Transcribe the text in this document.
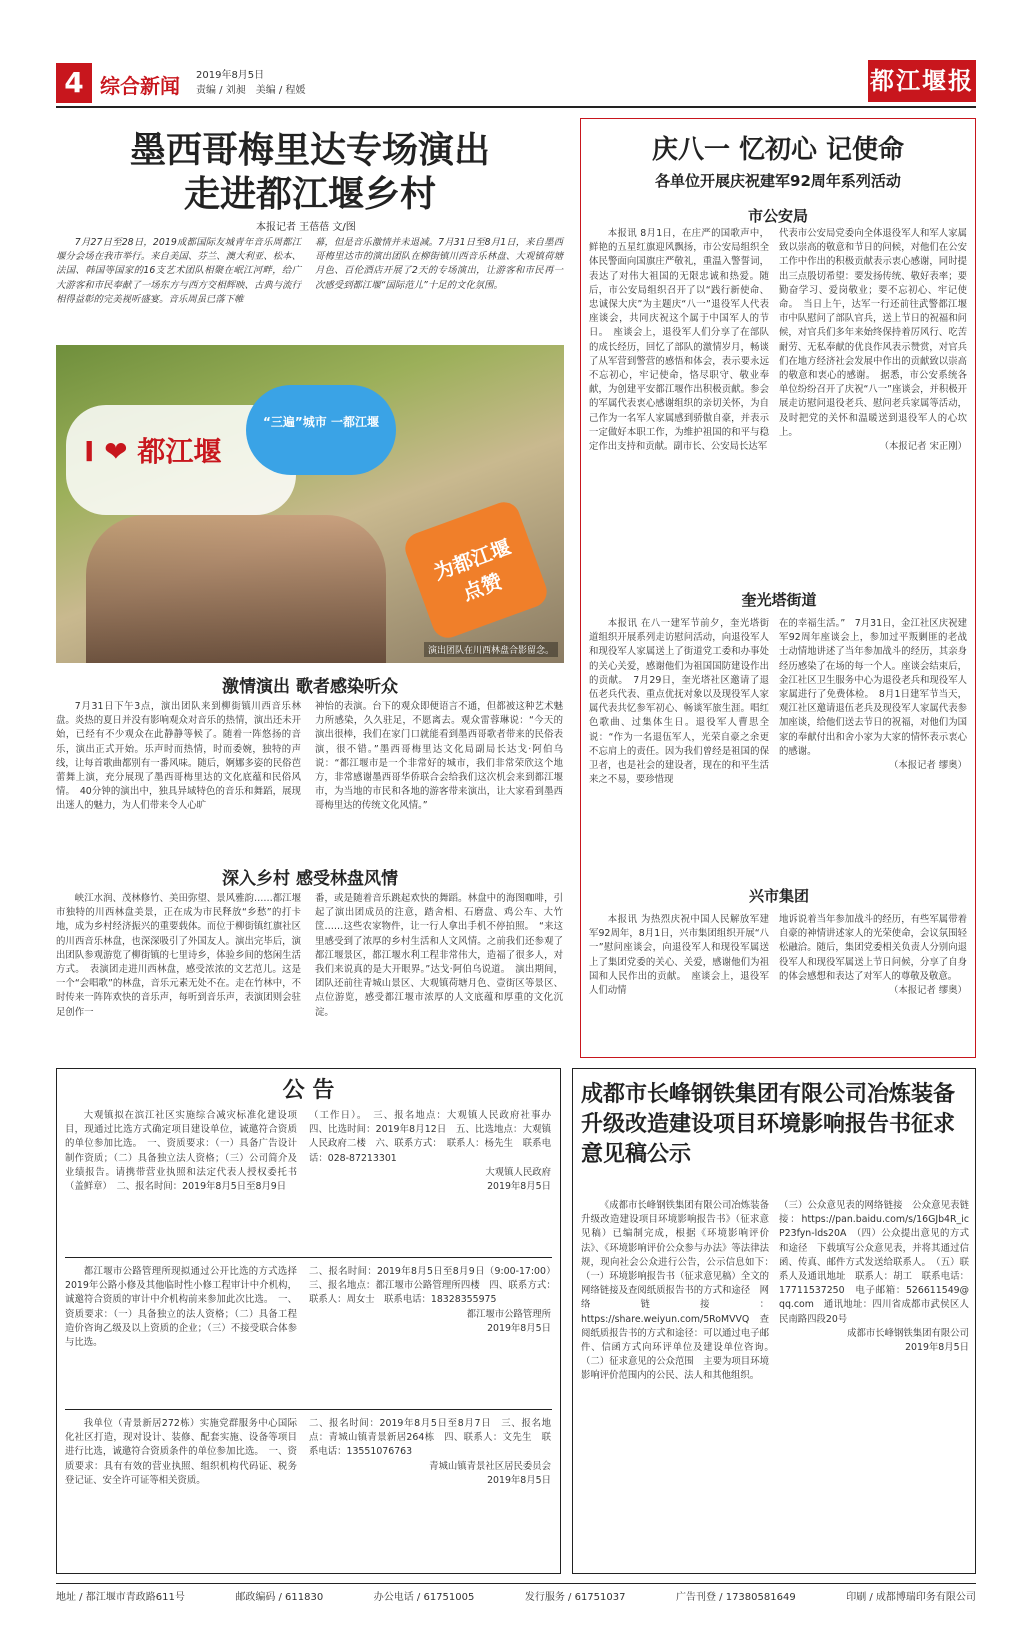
4 综合新闻 2019年8月5日
责编 / 刘昶　美编 / 程媛	都江堰报
墨西哥梅里达专场演出
走进都江堰乡村
本报记者 王蓓蓓 文/图

7月27日至28日，2019成都国际友城青年音乐周都江堰分会场在我市举行。来自美国、芬兰、澳大利亚、松本、法国、韩国等国家的16支艺术团队相聚在岷江河畔，给广大游客和市民奉献了一场东方与西方交相辉映、古典与流行相得益彰的完美视听盛宴。音乐周虽已落下帷

幕，但是音乐激情并未退减。7月31日至8月1日，来自墨西哥梅里达市的演出团队在柳街镇川西音乐林盘、大观镇荷塘月色、百伦酒店开展了2天的专场演出，让游客和市民再一次感受到都江堰“国际范儿”十足的文化氛围。

I ❤ 都江堰
“三遍”城市 一都江堰
为都江堰点赞
演出团队在川西林盘合影留念。
激情演出 歌者感染听众

7月31日下午3点，演出团队来到柳街镇川西音乐林盘。炎热的夏日并没有影响观众对音乐的热情，演出还未开始，已经有不少观众在此静静等候了。随着一阵悠扬的音乐，演出正式开始。乐声时而热情，时而委婉，独特的声线，让每首歌曲都别有一番风味。随后，婀娜多姿的民俗芭蕾舞上演，充分展现了墨西哥梅里达的文化底蕴和民俗风情。　40分钟的演出中，独具异域特色的音乐和舞蹈，展现出迷人的魅力，为人们带来令人心旷

神怡的表演。台下的观众即便语言不通，但都被这种艺术魅力所感染，久久驻足，不愿离去。观众雷蓉琳说：“今天的演出很棒，我们在家门口就能看到墨西哥歌者带来的民俗表演，很不错。”墨西哥梅里达文化局副局长达戈·阿伯乌说：“都江堰市是一个非常好的城市，我们非常荣欣这个地方，非常感谢墨西哥华侨联合会给我们这次机会来到都江堰市，为当地的市民和各地的游客带来演出，让大家看到墨西哥梅里达的传统文化风情。”

深入乡村 感受林盘风情

峡江水润、茂林修竹、美田弥望、景风雅韵……都江堰市独特的川西林盘美景，正在成为市民释放“乡愁”的打卡地，成为乡村经济振兴的重要载体。而位于柳街镇红旗社区的川西音乐林盘，也深深吸引了外国友人。演出完毕后，演出团队参观游览了柳街镇的七里诗乡，体验乡间的悠闲生活方式。　表演团走进川西林盘，感受浓浓的文艺范儿。这是一个“会唱歌”的林盘，音乐元素无处不在。走在竹林中，不时传来一阵阵欢快的音乐声，每听到音乐声，表演团则会驻足创作一

番，或是随着音乐跳起欢快的舞蹈。林盘中的海图咖啡，引起了演出团成员的注意，踏舍相、石磨盘、鸡公车、大竹筐……这些农家物件，让一行人拿出手机不停拍照。　“来这里感受到了浓厚的乡村生活和人文风情。之前我们还参观了都江堰景区，都江堰水利工程非常伟大，造福了很多人，对我们来说真的是大开眼界。”达戈·阿伯乌说道。　演出期间，团队还前往青城山景区、大观镇荷塘月色、壹街区等景区、点位游览，感受都江堰市浓厚的人文底蕴和厚重的文化沉淀。

庆八一 忆初心 记使命
各单位开展庆祝建军92周年系列活动
市公安局

本报讯 8月1日，在庄严的国歌声中，鲜艳的五星红旗迎风飘扬，市公安局组织全体民警面向国旗庄严敬礼，重温入警誓词，表达了对伟大祖国的无限忠诚和热爱。随后，市公安局组织召开了以“践行新使命、忠诚保大庆”为主题庆“八一”退役军人代表座谈会，共同庆祝这个属于中国军人的节日。　座谈会上，退役军人们分享了在部队的成长经历，回忆了部队的激情岁月，畅谈了从军营到警营的感悟和体会，表示要永远不忘初心，牢记使命，恪尽职守、敬业奉献，为创建平安都江堰作出积极贡献。参会的军属代表衷心感谢组织的亲切关怀，为自己作为一名军人家属感到骄傲自豪，并表示一定做好本职工作，为维护祖国的和平与稳定作出支持和贡献。副市长、公安局长达军

代表市公安局党委向全体退役军人和军人家属致以崇高的敬意和节日的问候，对他们在公安工作中作出的积极贡献表示衷心感谢，同时提出三点殷切希望：要发扬传统、敬好表率；要勤奋学习、爱岗敬业；要不忘初心、牢记使命。　当日上午，达军一行还前往武警都江堰市中队慰问了部队官兵，送上节日的祝福和问候，对官兵们多年来始终保持着厉风行、吃苦耐劳、无私奉献的优良作风表示赞赏，对官兵们在地方经济社会发展中作出的贡献致以崇高的敬意和衷心的感谢。　据悉，市公安系统各单位纷纷召开了庆祝“八一”座谈会，并积极开展走访慰问退役老兵、慰问老兵家属等活动，及时把党的关怀和温暖送到退役军人的心坎上。

（本报记者 宋正刚）
奎光塔街道

本报讯 在八一建军节前夕，奎光塔街道组织开展系列走访慰问活动，向退役军人和现役军人家属送上了街道党工委和办事处的关心关爱，感谢他们为祖国国防建设作出的贡献。　7月29日，奎光塔社区邀请了退伍老兵代表、重点优抚对象以及现役军人家属代表共忆参军初心、畅谈军旅生涯。唱红色歌曲、过集体生日。退役军人曹思全说：“作为一名退伍军人，光荣自豪之余更不忘肩上的责任。因为我们曾经是祖国的保卫者，也是社会的建设者，现在的和平生活来之不易，要珍惜现

在的幸福生活。”　7月31日，金江社区庆祝建军92周年座谈会上，参加过平叛剿匪的老战士动情地讲述了当年参加战斗的经历，其亲身经历感染了在场的每一个人。座谈会结束后，金江社区卫生服务中心为退役老兵和现役军人家属进行了免费体检。　8月1日建军节当天，观江社区邀请退伍老兵及现役军人家属代表参加座谈，给他们送去节日的祝福，对他们为国家的奉献付出和舍小家为大家的情怀表示衷心的感谢。

（本报记者 缪奥）
兴市集团

本报讯 为热烈庆祝中国人民解放军建军92周年，8月1日，兴市集团组织开展“八一”慰问座谈会，向退役军人和现役军属送上了集团党委的关心、关爱，感谢他们为祖国和人民作出的贡献。　座谈会上，退役军人们动情

地诉说着当年参加战斗的经历，有些军属带着自豪的神情讲述家人的光荣使命，会议氛围轻松融洽。随后，集团党委相关负责人分别向退役军人和现役军属送上节日问候，分享了自身的体会感想和表达了对军人的尊敬及敬意。

（本报记者 缪奥）
公 告

大观镇拟在滨江社区实施综合减灾标准化建设项目，现通过比选方式确定项目建设单位，诚邀符合资质的单位参加比选。　一、资质要求：（一）具备广告设计制作资质；（二）具备独立法人资格；（三）公司简介及业绩报告。请携带营业执照和法定代表人授权委托书（盖鲜章）　二、报名时间：2019年8月5日至8月9日

（工作日）。　三、报名地点：大观镇人民政府社事办　四、比选时间：2019年8月12日　五、比选地点：大观镇人民政府二楼　六、联系方式：　联系人：杨先生　联系电话：028-87213301

大观镇人民政府
2019年8月5日

都江堰市公路管理所现拟通过公开比选的方式选择2019年公路小修及其他临时性小修工程审计中介机构，诚邀符合资质的审计中介机构前来参加此次比选。　一、资质要求：（一）具备独立的法人资格；（二）具备工程造价咨询乙级及以上资质的企业；（三）不接受联合体参与比选。

二、报名时间：2019年8月5日至8月9日（9:00-17:00）　三、报名地点：都江堰市公路管理所四楼　四、联系方式：　联系人：周女士　联系电话：18328355975

都江堰市公路管理所
2019年8月5日

我单位（青景新居272栋）实施党群服务中心国际化社区打造，现对设计、装修、配套实施、设备等项目进行比选，诚邀符合资质条件的单位参加比选。　一、资质要求：具有有效的营业执照、组织机构代码证、税务登记证、安全许可证等相关资质。

二、报名时间：2019年8月5日至8月7日　三、报名地点：青城山镇青景新居264栋　四、联系人：文先生　联系电话：13551076763

青城山镇青景社区居民委员会
2019年8月5日
成都市长峰钢铁集团有限公司冶炼装备升级改造建设项目环境影响报告书征求意见稿公示

《成都市长峰钢铁集团有限公司冶炼装备升级改造建设项目环境影响报告书》（征求意见稿）已编制完成，根据《环境影响评价法》、《环境影响评价公众参与办法》等法律法规，现向社会公众进行公告，公示信息如下：　（一）环境影响报告书（征求意见稿）全文的网络链接及查阅纸质报告书的方式和途径　网络链接：https://share.weiyun.com/5RoMVVQ　查阅纸质报告书的方式和途径：可以通过电子邮件、信函方式向环评单位及建设单位咨询。　（二）征求意见的公众范围　主要为项目环境影响评价范围内的公民、法人和其他组织。

（三）公众意见表的网络链接　公众意见表链接：https://pan.baidu.com/s/16GJb4R_icP23fyn-lds20A　（四）公众提出意见的方式和途径　下载填写公众意见表，并将其通过信函、传真、邮件方式发送给联系人。　（五）联系人及通讯地址　联系人：胡工　联系电话：17711537250　电子邮箱：526611549@qq.com　通讯地址：四川省成都市武侯区人民南路四段20号

成都市长峰钢铁集团有限公司
2019年8月5日
地址 / 都江堰市青政路611号	邮政编码 / 611830	办公电话 / 61751005	发行服务 / 61751037	广告刊登 / 17380581649	印刷 / 成都博瑞印务有限公司
